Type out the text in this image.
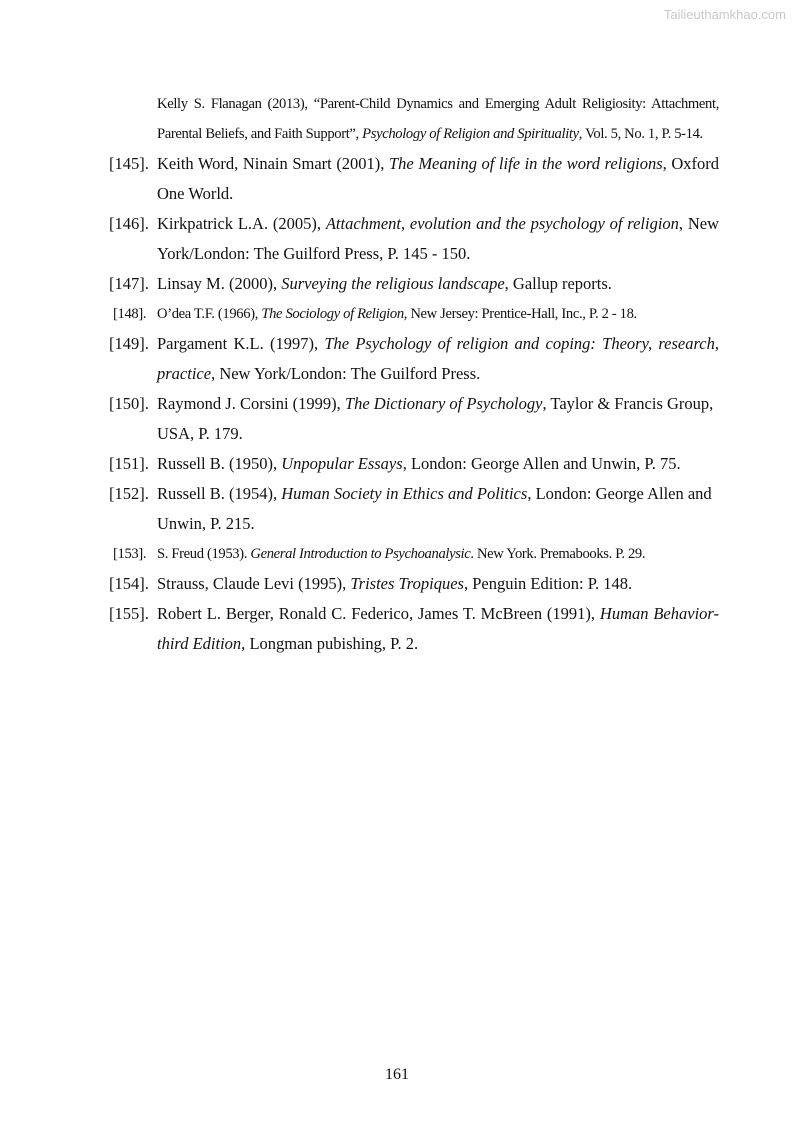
Tailieuthamkhao.com
Kelly S. Flanagan (2013), “Parent-Child Dynamics and Emerging Adult Religiosity: Attachment, Parental Beliefs, and Faith Support”, Psychology of Religion and Spirituality, Vol. 5, No. 1, P. 5-14.
[145]. Keith Word, Ninain Smart (2001), The Meaning of life in the word religions, Oxford One World.
[146]. Kirkpatrick L.A. (2005), Attachment, evolution and the psychology of religion, New York/London: The Guilford Press, P. 145 - 150.
[147]. Linsay M. (2000), Surveying the religious landscape, Gallup reports.
[148]. O’dea T.F. (1966), The Sociology of Religion, New Jersey: Prentice-Hall, Inc., P. 2 - 18.
[149]. Pargament K.L. (1997), The Psychology of religion and coping: Theory, research, practice, New York/London: The Guilford Press.
[150]. Raymond J. Corsini (1999), The Dictionary of Psychology, Taylor & Francis Group, USA, P. 179.
[151]. Russell B. (1950), Unpopular Essays, London: George Allen and Unwin, P. 75.
[152]. Russell B. (1954), Human Society in Ethics and Politics, London: George Allen and Unwin, P. 215.
[153]. S. Freud (1953). General Introduction to Psychoanalysic. New York. Premabooks. P. 29.
[154]. Strauss, Claude Levi (1995), Tristes Tropiques, Penguin Edition: P. 148.
[155]. Robert L. Berger, Ronald C. Federico, James T. McBreen (1991), Human Behavior-third Edition, Longman pubishing, P. 2.
161
